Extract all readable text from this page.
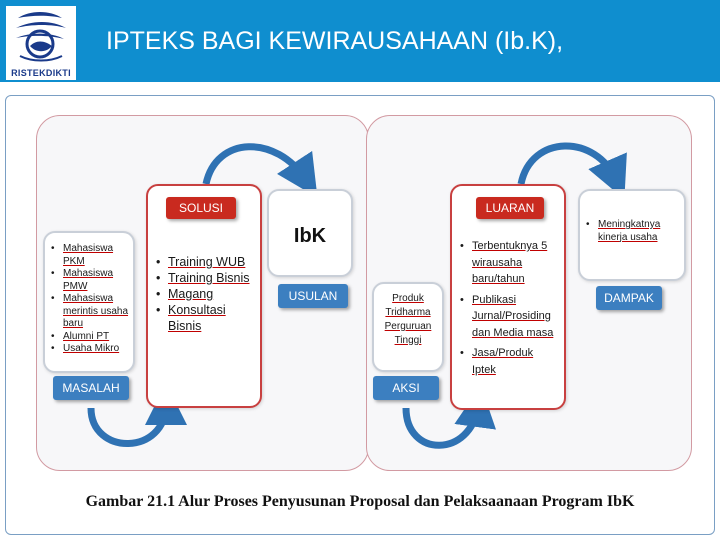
RISTEKDIKTI
IPTEKS BAGI KEWIRAUSAHAAN (Ib.K),
• Mahasiswa PKM
• Mahasiswa PMW
• Mahasiswa merintis usaha baru
• Alumni PT
• Usaha Mikro
MASALAH
• Training WUB
• Training Bisnis
• Magang
• Konsultasi Bisnis
SOLUSI
IbK
USULAN	Produk Tridharma Perguruan Tinggi
AKSI
• Terbentuknya 5 wirausaha baru/tahun
• Publikasi Jurnal/Prosiding dan Media masa
• Jasa/Produk Iptek
LUARAN
• Meningkatnya kinerja usaha
DAMPAK
Gambar 21.1 Alur Proses Penyusunan Proposal dan Pelaksaanaan Program IbK
